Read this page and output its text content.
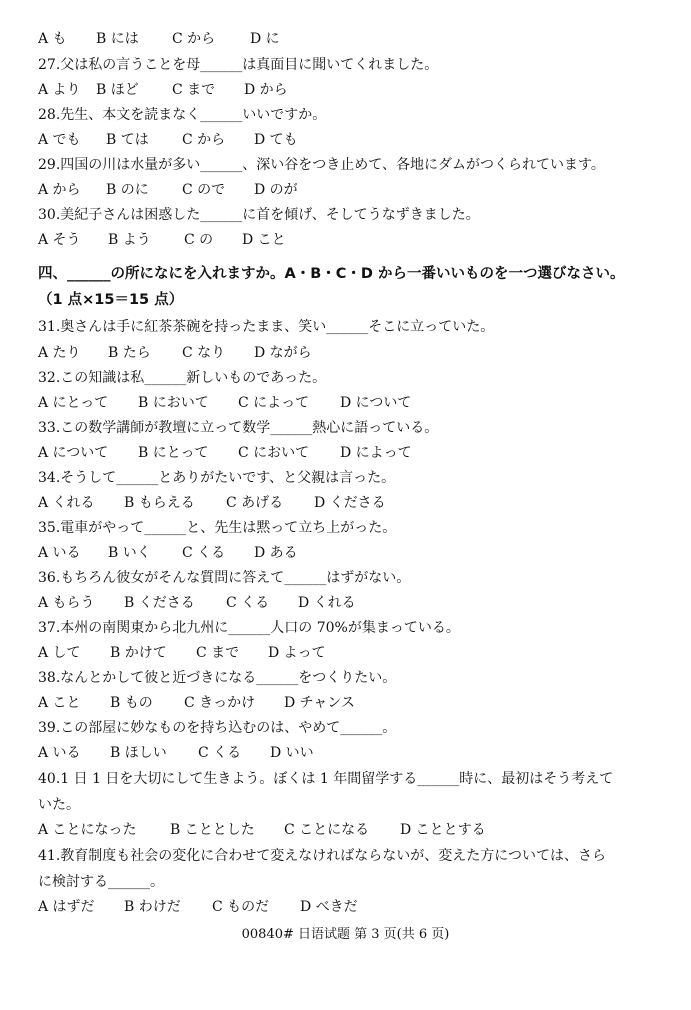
A も	B には	C から	D に
27.父は私の言うことを母______は真面目に聞いてくれました。
A より	B ほど	C まで	D から
28.先生、本文を読まなく______いいですか。
A でも	B ては	C から	D ても
29.四国の川は水量が多い______、深い谷をつき止めて、各地にダムがつくられています。
A から	B のに	C ので	D のが
30.美紀子さんは困惑した______に首を傾げ、そしてうなずきました。
A そう	B よう	C の	D こと
四、______の所になにを入れますか。A・B・C・D から一番いいものを一つ選びなさい。
（1 点×15＝15 点）
31.奥さんは手に紅茶茶碗を持ったまま、笑い______そこに立っていた。
A たり	B たら	C なり	D ながら
32.この知識は私______新しいものであった。
A にとって	B において	C によって	D について
33.この数学講師が教壇に立って数学______熱心に語っている。
A について	B にとって	C において	D によって
34.そうして______とありがたいです、と父親は言った。
A くれる	B もらえる	C あげる	D くださる
35.電車がやって______と、先生は黙って立ち上がった。
A いる	B いく	C くる	D ある
36.もちろん彼女がそんな質問に答えて______はずがない。
A もらう	B くださる	C くる	D くれる
37.本州の南関東から北九州に______人口の 70%が集まっている。
A して	B かけて	C まで	D よって
38.なんとかして彼と近づきになる______をつくりたい。
A こと	B もの	C きっかけ	D チャンス
39.この部屋に妙なものを持ち込むのは、やめて______。
A いる	B ほしい	C くる	D いい
40.1 日 1 日を大切にして生きよう。ぼくは 1 年間留学する______時に、最初はそう考えて
いた。
A ことになった	B こととした	C ことになる	D こととする
41.教育制度も社会の変化に合わせて変えなければならないが、変えた方については、さら
に検討する______。
A はずだ	B わけだ	C ものだ	D べきだ
00840# 日语试题 第 3 页(共 6 页)
